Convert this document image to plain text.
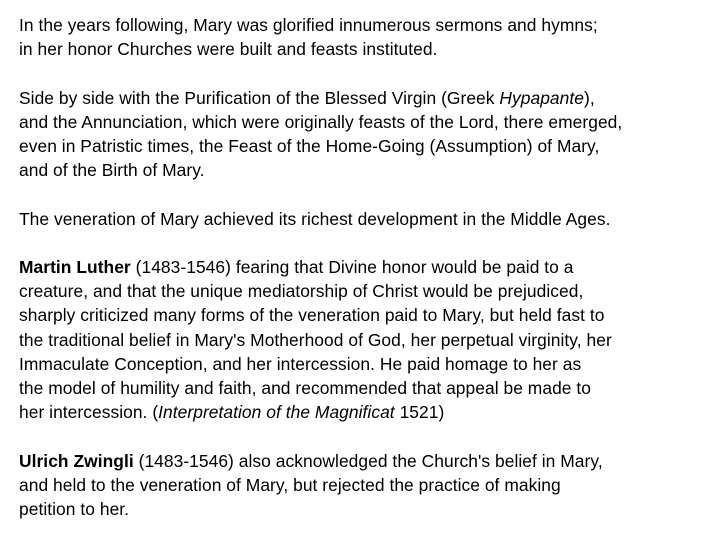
In the years following, Mary was glorified innumerous sermons and hymns;
in her honor Churches were built and feasts instituted.

Side by side with the Purification of the Blessed Virgin (Greek Hypapante),
and the Annunciation, which were originally feasts of the Lord, there emerged,
even in Patristic times, the Feast of the Home-Going (Assumption) of Mary,
and of the Birth of Mary.

The veneration of Mary achieved its richest development in the Middle Ages.

Martin Luther (1483-1546) fearing that Divine honor would be paid to a
creature, and that the unique mediatorship of Christ would be prejudiced,
sharply criticized many forms of the veneration paid to Mary, but held fast to
the traditional belief in Mary's Motherhood of God, her perpetual virginity, her
Immaculate Conception, and her intercession. He paid homage to her as
the model of humility and faith, and recommended that appeal be made to
her intercession. (Interpretation of the Magnificat 1521)

Ulrich Zwingli (1483-1546) also acknowledged the Church's belief in Mary,
and held to the veneration of Mary, but rejected the practice of making
petition to her.
